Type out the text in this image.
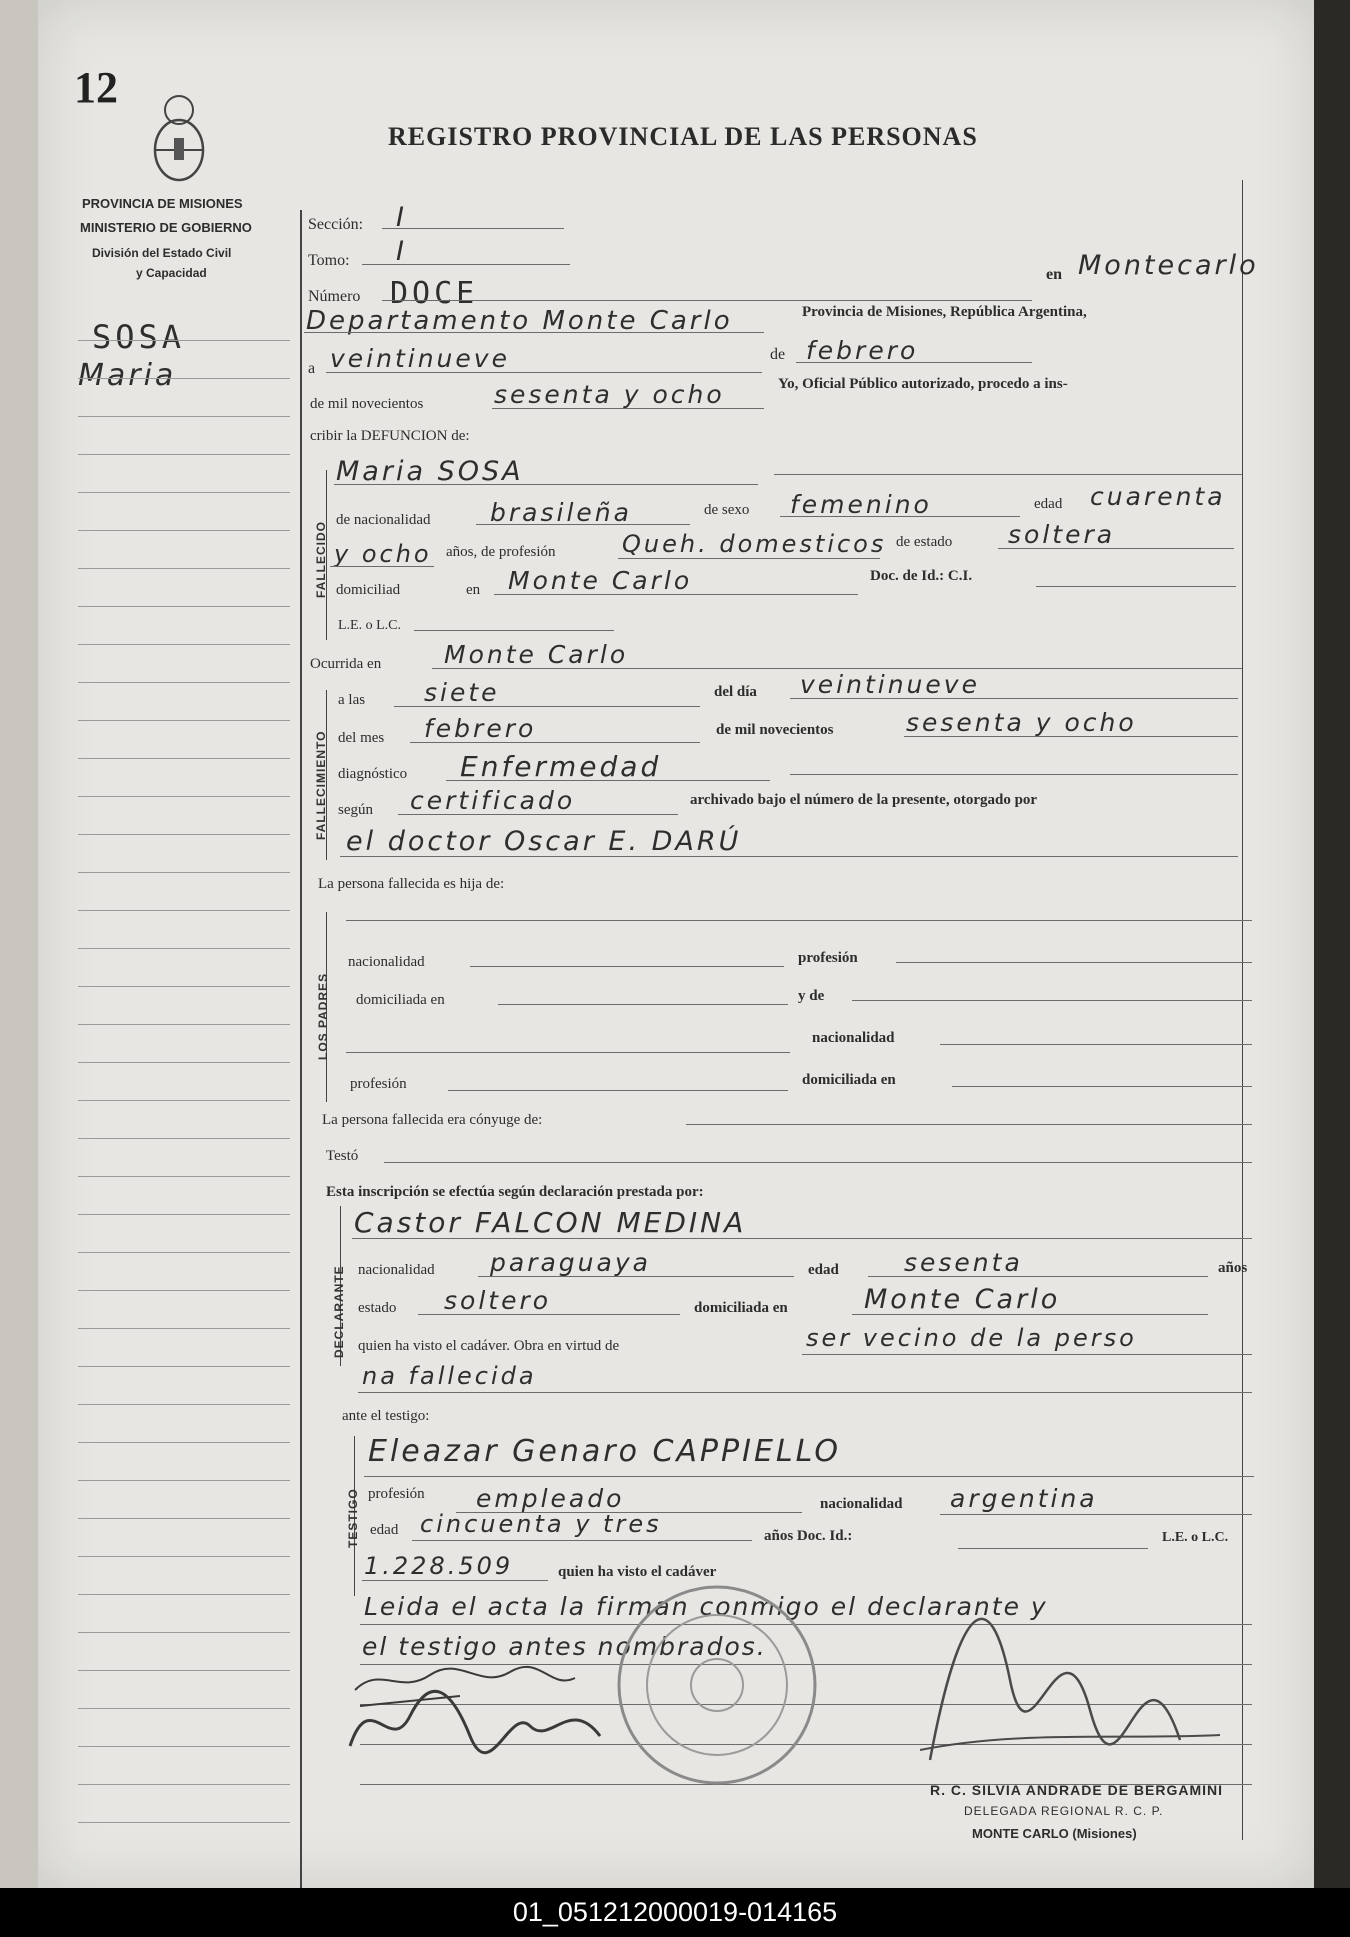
12
REGISTRO PROVINCIAL DE LAS PERSONAS
PROVINCIA DE MISIONES
MINISTERIO DE GOBIERNO
División del Estado Civil
y Capacidad
SOSA
Maria
Sección: I
Tomo: I
Número DOCE
en Montecarlo
Departamento Monte Carlo	Provincia de Misiones, República Argentina,
a veintinueve	de febrero
de mil novecientos	sesenta y ocho	Yo, Oficial Público autorizado, procedo a ins-
cribir la DEFUNCION de:
FALLECIDO
Maria SOSA
de nacionalidad brasileña	de sexo femenino	edad cuarenta
y ocho años, de profesión	Queh. domesticos de estado soltera
domiciliad	en Monte Carlo	Doc. de Id.: C.I.
L.E. o L.C.
Ocurrida en	Monte Carlo
FALLECIMIENTO
a las siete	del día veintinueve
del mes febrero	de mil novecientos	sesenta y ocho
diagnóstico Enfermedad
según certificado	archivado bajo el número de la presente, otorgado por
el doctor Oscar E. DARÚ
La persona fallecida es hija de:
LOS PADRES
nacionalidad	profesión
domiciliada en	y de
nacionalidad
profesión	domiciliada en
La persona fallecida era cónyuge de:
Testó
Esta inscripción se efectúa según declaración prestada por:
DECLARANTE
Castor FALCON MEDINA
nacionalidad paraguaya	edad	sesenta	años
estado soltero	domiciliada en	Monte Carlo
quien ha visto el cadáver. Obra en virtud de	ser vecino de la perso
na fallecida
ante el testigo:
TESTIGO
Eleazar Genaro CAPPIELLO
profesión empleado	nacionalidad argentina
edad cincuenta y tres	años Doc. Id.:	L.E. o L.C.
1.228.509	quien ha visto el cadáver
Leida el acta la firman conmigo el declarante y
el testigo antes nombrados.
R. C. SILVIA ANDRADE DE BERGAMINI
DELEGADA REGIONAL R. C. P.
MONTE CARLO (Misiones)
01_051212000019-014165
